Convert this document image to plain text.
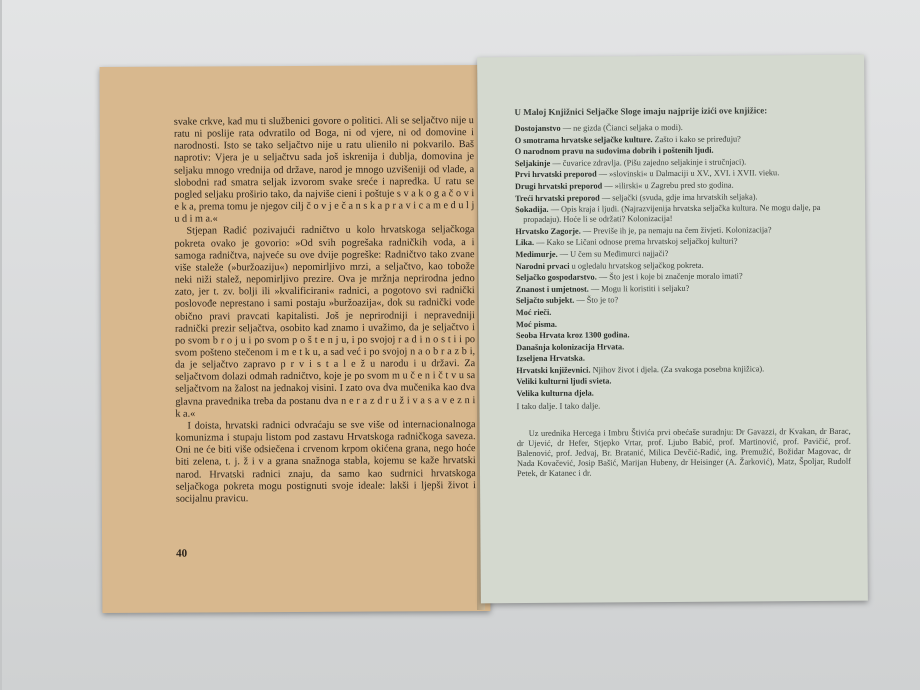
svake crkve, kad mu ti službenici govore o politici. Ali se seljačtvo nije u ratu ni poslije rata odvratilo od Boga, ni od vjere, ni od domovine i narodnosti. Isto se tako seljačtvo nije u ratu ulienilo ni pokvarilo. Baš naprotiv: Vjera je u seljačtvu sada još iskrenija i dublja, domovina je seljaku mnogo vrednija od države, narod je mnogo uzvišeniji od vlade, a slobodni rad smatra seljak izvorom svake sreće i napredka. U ratu se pogled seljaku proširio tako, da najviše cieni i poštuje s v a k o g a č o v i e k a, prema tomu je njegov cilj č o v j e č a n s k a p r a v i c a m e d u l j u d i m a.«

Stjepan Radić pozivajući radničtvo u kolo hrvatskoga seljačkoga pokreta ovako je govorio: »Od svih pogrešaka radničkih voda, a i samoga radničtva, najveće su ove dvije pogreške: Radničtvo tako zvane više staleže (»buržoaziju«) nepomirljivo mrzi, a seljačtvo, kao tobože neki niži stalež, nepomirljivo prezire. Ova je mržnja neprirodna jedno zato, jer t. zv. bolji ili »kvalificirani« radnici, a pogotovo svi radnički poslovođe neprestano i sami postaju »buržoazija«, dok su radnički vode obično pravi pravcati kapitalisti. Još je neprirodniji i nepravedniji radnički prezir seljačtva, osobito kad znamo i uvažimo, da je seljačtvo i po svom b r o j u i po svom p o š t e n j u, i po svojoj r a d i n o s t i i po svom pošteno stečenom i m e t k u, a sad već i po svojoj n a o b r a z b i, da je seljačtvo zapravo p r v i s t a l e ž u narodu i u državi. Za seljačtvom dolazi odmah radničtvo, koje je po svom m u č e n i č t v u sa seljačtvom na žalost na jednakoj visini. I zato ova dva mučenika kao dva glavna pravednika treba da postanu dva n e r a z d r u ž i v a s a v e z n i k a.«

I doista, hrvatski radnici odvraćaju se sve više od internacionalnoga komunizma i stupaju listom pod zastavu Hrvatskoga radničkoga saveza. Oni ne će biti više odsiečena i crvenom krpom okićena grana, nego hoće biti zelena, t. j. ž i v a grana snažnoga stabla, kojemu se kaže hrvatski narod. Hrvatski radnici znaju, da samo kao sudrnici hrvatskoga seljačkoga pokreta mogu postignuti svoje ideale: lakši i ljepši život i socijalnu pravicu.

40

U Maloj Knjižnici Seljačke Sloge imaju najprije izići ove knjižice:

Dostojanstvo — ne gizda (Čianci seljaka o modi).
O smotrama hrvatske seljačke kulture. Zašto i kako se priređuju?
O narodnom pravu na sudovima dobrih i poštenih ljudi.
Seljakinje — čuvarice zdravlja. (Pišu zajedno seljakinje i stručnjaci).
Prvi hrvatski preporod — »slovinski« u Dalmaciji u XV., XVI. i XVII. vieku.
Drugi hrvatski preporod — »ilirski« u Zagrebu pred sto godina.
Treći hrvatski preporod — seljački (svuda, gdje ima hrvatskih seljaka).
Sokadija. — Opis kraja i ljudi. (Najrazvijenija hrvatska seljačka kultura. Ne mogu dalje, pa propadaju). Hoće li se održati? Kolonizacija!
Hrvatsko Zagorje. — Previše ih je, pa nemaju na čem živjeti. Kolonizacija?
Lika. — Kako se Ličani odnose prema hrvatskoj seljačkoj kulturi?
Medimurje. — U čem su Međimurci najjači?
Narodni prvaci u ogledalu hrvatskog seljačkog pokreta.
Seljačko gospodarstvo. — Što jest i koje bi značenje moralo imati?
Znanost i umjetnost. — Mogu li koristiti i seljaku?
Seljačto subjekt. — Što je to?
Moć rieči.
Moć pisma.
Seoba Hrvata kroz 1300 godina.
Današnja kolonizacija Hrvata.
Izseljena Hrvatska.
Hrvatski književnici. Njihov život i djela. (Za svakoga posebna knjižica).
Veliki kulturni ljudi svieta.
Velika kulturna djela.

I tako dalje. I tako dalje.

Uz urednika Hercega i Imbru Štivića prvi obećaše suradnju: Dr Gavazzi, dr Kvakan, dr Barac, dr Ujević, dr Hefer, Stjepko Vrtar, prof. Ljubo Babić, prof. Martinović, prof. Pavičić, prof. Balenović, prof. Jedvaj, Br. Bratanić, Milica Devčić-Radić, ing. Premužić, Božidar Magovac, dr Nada Kovačević, Josip Bašić, Marijan Hubeny, dr Heisinger (A. Žarković), Matz, Špoljar, Rudolf Petek, dr Katanec i dr.
